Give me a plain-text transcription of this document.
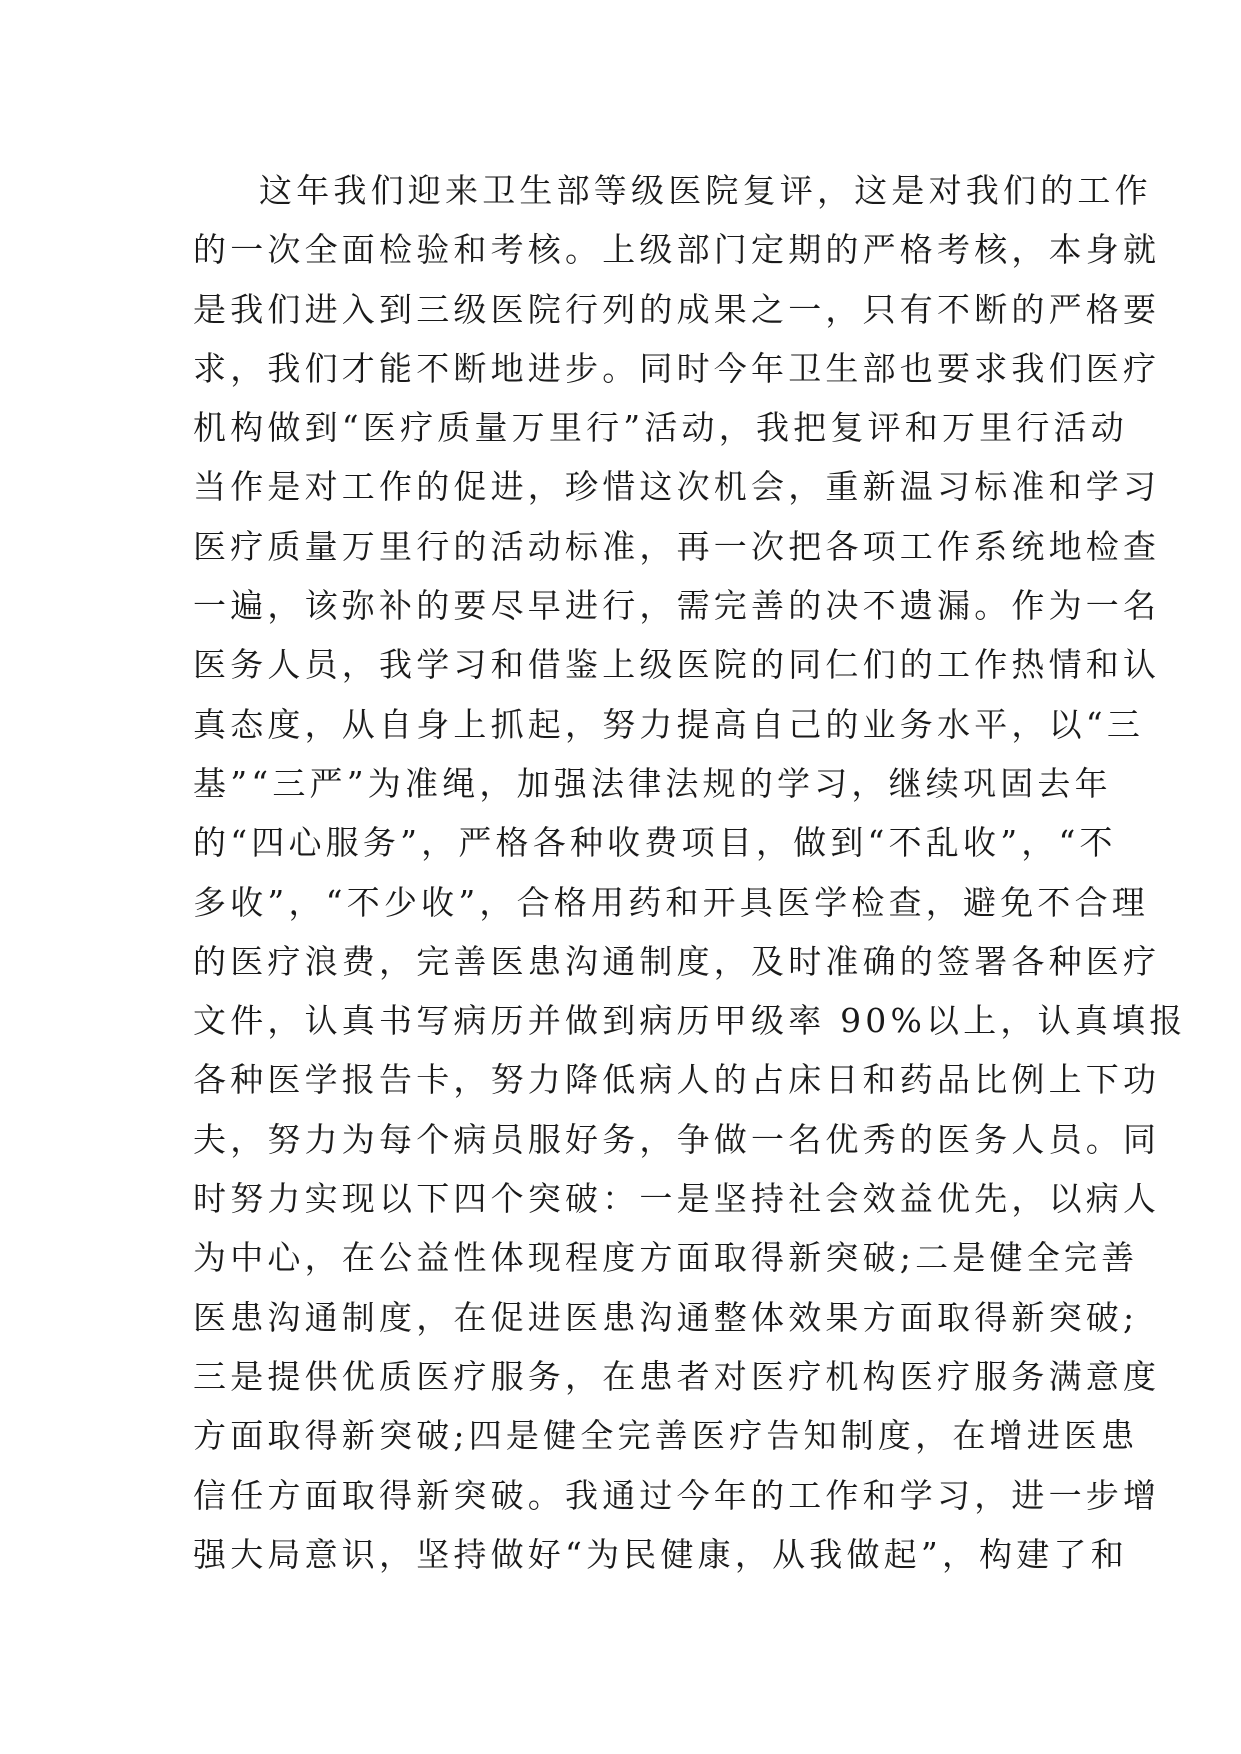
这年我们迎来卫生部等级医院复评，这是对我们的工作
的一次全面检验和考核。上级部门定期的严格考核，本身就
是我们进入到三级医院行列的成果之一，只有不断的严格要
求，我们才能不断地进步。同时今年卫生部也要求我们医疗
机构做到“医疗质量万里行”活动，我把复评和万里行活动
当作是对工作的促进，珍惜这次机会，重新温习标准和学习
医疗质量万里行的活动标准，再一次把各项工作系统地检查
一遍，该弥补的要尽早进行，需完善的决不遗漏。作为一名
医务人员，我学习和借鉴上级医院的同仁们的工作热情和认
真态度，从自身上抓起，努力提高自己的业务水平，以“三
基”“三严”为准绳，加强法律法规的学习，继续巩固去年
的“四心服务”，严格各种收费项目，做到“不乱收”，“不
多收”，“不少收”，合格用药和开具医学检查，避免不合理
的医疗浪费，完善医患沟通制度，及时准确的签署各种医疗
文件，认真书写病历并做到病历甲级率 90%以上，认真填报
各种医学报告卡，努力降低病人的占床日和药品比例上下功
夫，努力为每个病员服好务，争做一名优秀的医务人员。同
时努力实现以下四个突破：一是坚持社会效益优先，以病人
为中心，在公益性体现程度方面取得新突破;二是健全完善
医患沟通制度，在促进医患沟通整体效果方面取得新突破;
三是提供优质医疗服务，在患者对医疗机构医疗服务满意度
方面取得新突破;四是健全完善医疗告知制度，在增进医患
信任方面取得新突破。我通过今年的工作和学习，进一步增
强大局意识，坚持做好“为民健康，从我做起”，构建了和
